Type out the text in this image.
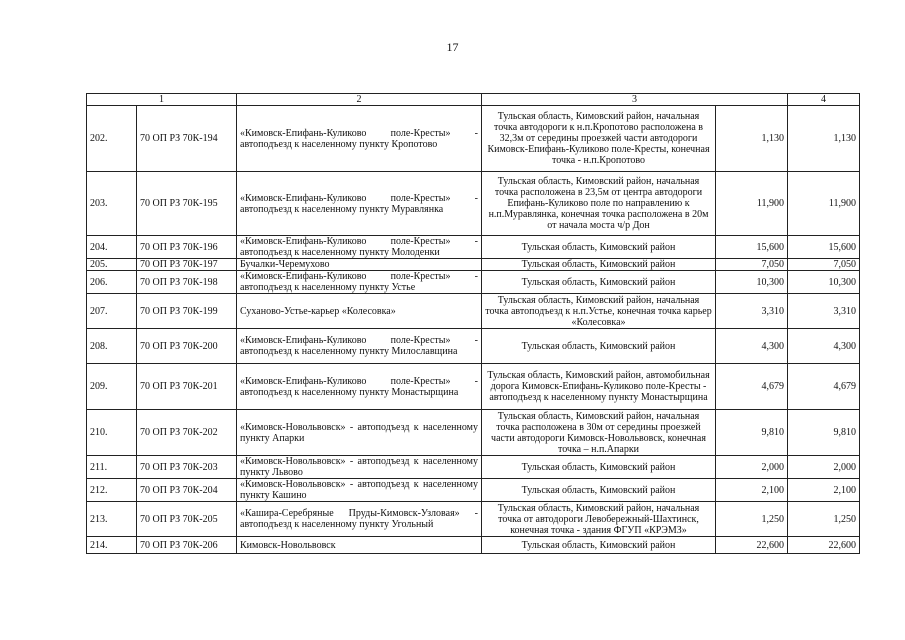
17
1		2	3		4
202.	70 ОП РЗ 70К-194	«Кимовск-Епифань-Куликово поле-Кресты» - автоподъезд к населенному пункту Кропотово	Тульская область, Кимовский район, начальная точка автодороги к н.п.Кропотово расположена в 32,3м от середины проезжей части автодороги Кимовск-Епифань-Куликово поле-Кресты, конечная точка - н.п.Кропотово	1,130	1,130
203.	70 ОП РЗ 70К-195	«Кимовск-Епифань-Куликово поле-Кресты» - автоподъезд к населенному пункту Муравлянка	Тульская область, Кимовский район, начальная точка расположена в 23,5м от центра автодороги Епифань-Куликово поле по направлению к н.п.Муравлянка, конечная точка расположена в 20м от начала моста ч/р Дон	11,900	11,900
204.	70 ОП РЗ 70К-196	«Кимовск-Епифань-Куликово поле-Кресты» - автоподъезд к населенному пункту Молоденки	Тульская область, Кимовский район	15,600	15,600
205.	70 ОП РЗ 70К-197	Бучалки-Черемухово	Тульская область, Кимовский район	7,050	7,050
206.	70 ОП РЗ 70К-198	«Кимовск-Епифань-Куликово поле-Кресты» - автоподъезд к населенному пункту Устье	Тульская область, Кимовский район	10,300	10,300
207.	70 ОП РЗ 70К-199	Суханово-Устье-карьер «Колесовка»	Тульская область, Кимовский район, начальная точка автоподъезд к н.п.Устье, конечная точка карьер «Колесовка»	3,310	3,310
208.	70 ОП РЗ 70К-200	«Кимовск-Епифань-Куликово поле-Кресты» - автоподъезд к населенному пункту Милославщина	Тульская область, Кимовский район	4,300	4,300
209.	70 ОП РЗ 70К-201	«Кимовск-Епифань-Куликово поле-Кресты» - автоподъезд к населенному пункту Монастырщина	Тульская область, Кимовский район, автомобильная дорога Кимовск-Епифань-Куликово поле-Кресты - автоподъезд к населенному пункту Монастырщина	4,679	4,679
210.	70 ОП РЗ 70К-202	«Кимовск-Новольвовск» - автоподъезд к населенному пункту Апарки	Тульская область, Кимовский район, начальная точка расположена в 30м от середины проезжей части автодороги Кимовск-Новольвовск, конечная точка – н.п.Апарки	9,810	9,810
211.	70 ОП РЗ 70К-203	«Кимовск-Новольвовск» - автоподъезд к населенному пункту Львово	Тульская область, Кимовский район	2,000	2,000
212.	70 ОП РЗ 70К-204	«Кимовск-Новольвовск» - автоподъезд к населенному пункту Кашино	Тульская область, Кимовский район	2,100	2,100
213.	70 ОП РЗ 70К-205	«Кашира-Серебряные Пруды-Кимовск-Узловая» - автоподъезд к населенному пункту Угольный	Тульская область, Кимовский район, начальная точка от автодороги Левобережный-Шахтинск, конечная точка - здания ФГУП «КРЭМЗ»	1,250	1,250
214.	70 ОП РЗ 70К-206	Кимовск-Новольвовск	Тульская область, Кимовский район	22,600	22,600
